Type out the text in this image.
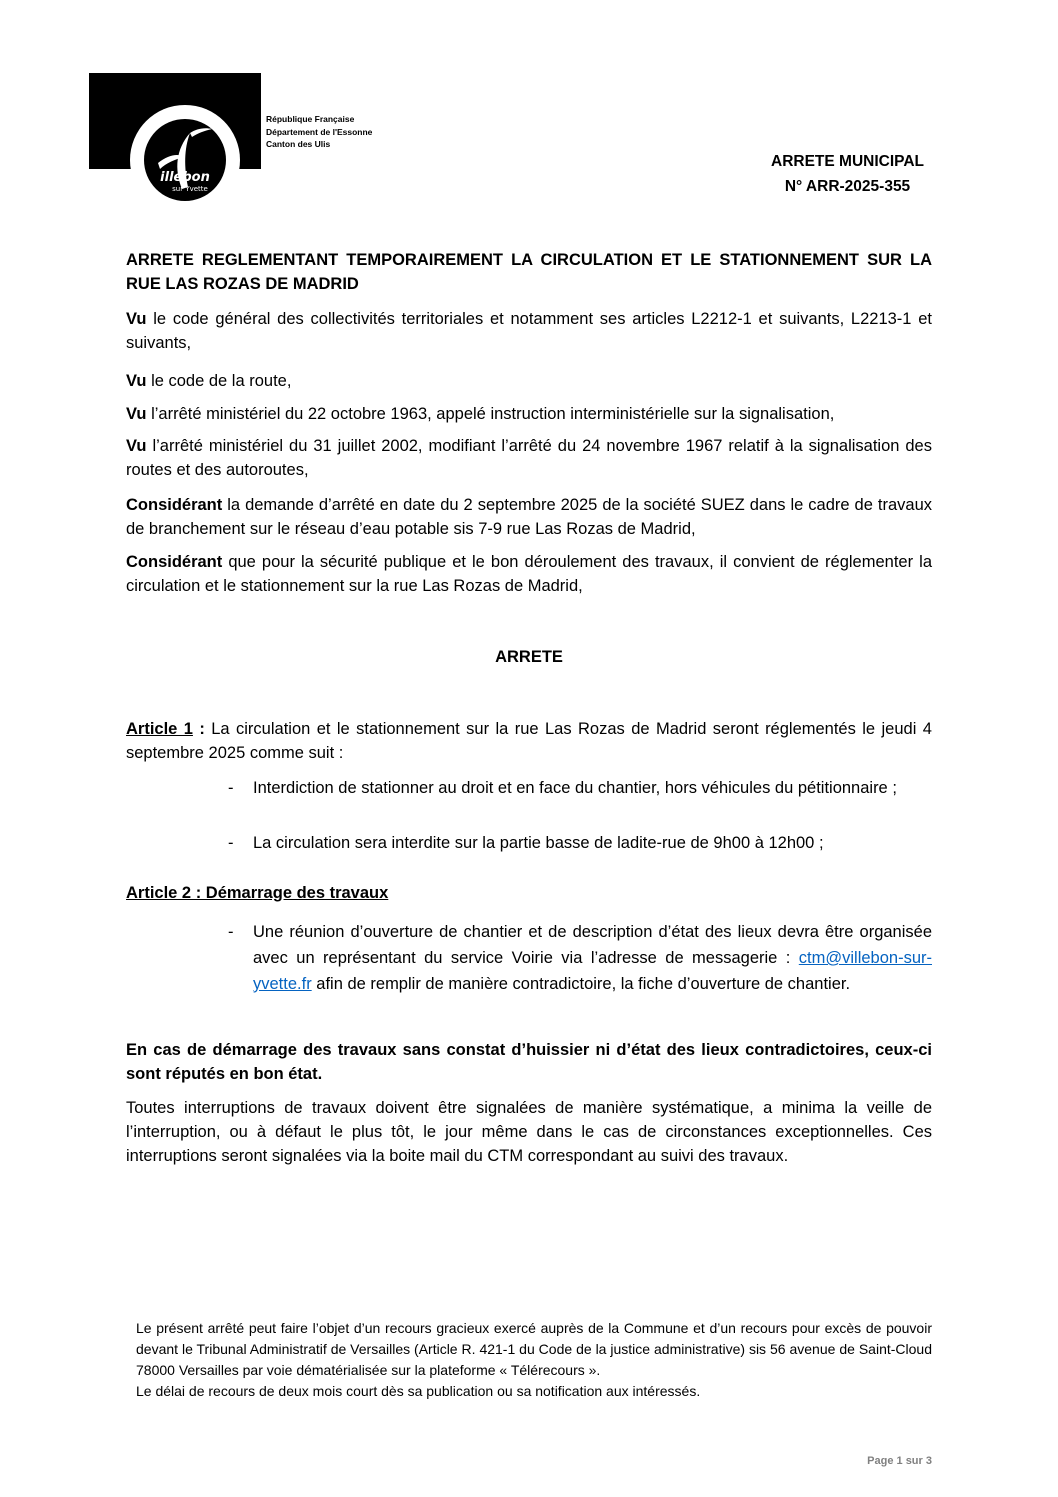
illebon
sur Yvette
République Française
Département de l'Essonne
Canton des Ulis
ARRETE MUNICIPAL
N° ARR-2025-355

ARRETE REGLEMENTANT TEMPORAIREMENT LA CIRCULATION ET LE STATIONNEMENT SUR LA RUE LAS ROZAS DE MADRID

Vu le code général des collectivités territoriales et notamment ses articles L2212-1 et suivants, L2213-1 et suivants,

Vu le code de la route,

Vu l’arrêté ministériel du 22 octobre 1963, appelé instruction interministérielle sur la signalisation,

Vu l’arrêté ministériel du 31 juillet 2002, modifiant l’arrêté du 24 novembre 1967 relatif à la signalisation des routes et des autoroutes,

Considérant la demande d’arrêté en date du 2 septembre 2025 de la société SUEZ dans le cadre de travaux de branchement sur le réseau d’eau potable sis 7-9 rue Las Rozas de Madrid,

Considérant que pour la sécurité publique et le bon déroulement des travaux, il convient de réglementer la circulation et le stationnement sur la rue Las Rozas de Madrid,

ARRETE

Article 1 : La circulation et le stationnement sur la rue Las Rozas de Madrid seront réglementés le jeudi 4 septembre 2025 comme suit :

- Interdiction de stationner au droit et en face du chantier, hors véhicules du pétitionnaire ;
- La circulation sera interdite sur la partie basse de ladite-rue de 9h00 à 12h00 ;

Article 2 : Démarrage des travaux

- Une réunion d’ouverture de chantier et de description d’état des lieux devra être organisée avec un représentant du service Voirie via l’adresse de messagerie : ctm@villebon-sur-yvette.fr afin de remplir de manière contradictoire, la fiche d’ouverture de chantier.

En cas de démarrage des travaux sans constat d’huissier ni d’état des lieux contradictoires, ceux-ci sont réputés en bon état.

Toutes interruptions de travaux doivent être signalées de manière systématique, a minima la veille de l’interruption, ou à défaut le plus tôt, le jour même dans le cas de circonstances exceptionnelles. Ces interruptions seront signalées via la boite mail du CTM correspondant au suivi des travaux.

Le présent arrêté peut faire l’objet d’un recours gracieux exercé auprès de la Commune et d’un recours pour excès de pouvoir devant le Tribunal Administratif de Versailles (Article R. 421-1 du Code de la justice administrative) sis 56 avenue de Saint-Cloud 78000 Versailles par voie dématérialisée sur la plateforme « Télérecours ».

Le délai de recours de deux mois court dès sa publication ou sa notification aux intéressés.

Page 1 sur 3
